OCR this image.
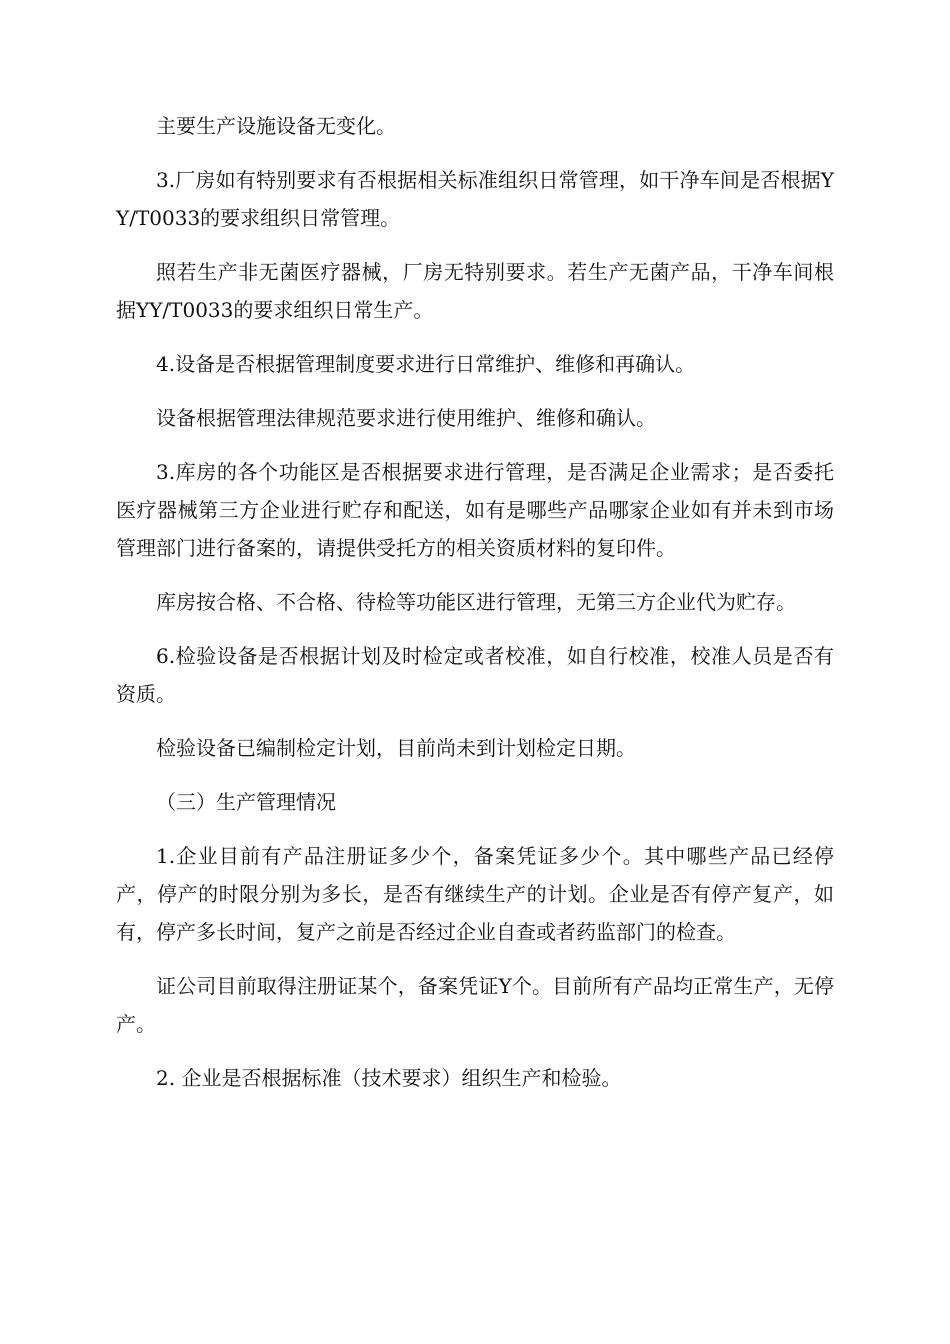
主要生产设施设备无变化。

3.厂房如有特别要求有否根据相关标准组织日常管理，如干净车间是否根据YY/T0033的要求组织日常管理。

照若生产非无菌医疗器械，厂房无特别要求。若生产无菌产品，干净车间根据YY/T0033的要求组织日常生产。

4.设备是否根据管理制度要求进行日常维护、维修和再确认。

设备根据管理法律规范要求进行使用维护、维修和确认。

3.库房的各个功能区是否根据要求进行管理，是否满足企业需求；是否委托医疗器械第三方企业进行贮存和配送，如有是哪些产品哪家企业如有并未到市场管理部门进行备案的，请提供受托方的相关资质材料的复印件。

库房按合格、不合格、待检等功能区进行管理，无第三方企业代为贮存。

6.检验设备是否根据计划及时检定或者校准，如自行校准，校准人员是否有资质。

检验设备已编制检定计划，目前尚未到计划检定日期。

（三）生产管理情况

1.企业目前有产品注册证多少个，备案凭证多少个。其中哪些产品已经停产，停产的时限分别为多长，是否有继续生产的计划。企业是否有停产复产，如有，停产多长时间，复产之前是否经过企业自查或者药监部门的检查。

证公司目前取得注册证某个，备案凭证Y个。目前所有产品均正常生产，无停产。

2. 企业是否根据标准（技术要求）组织生产和检验。
